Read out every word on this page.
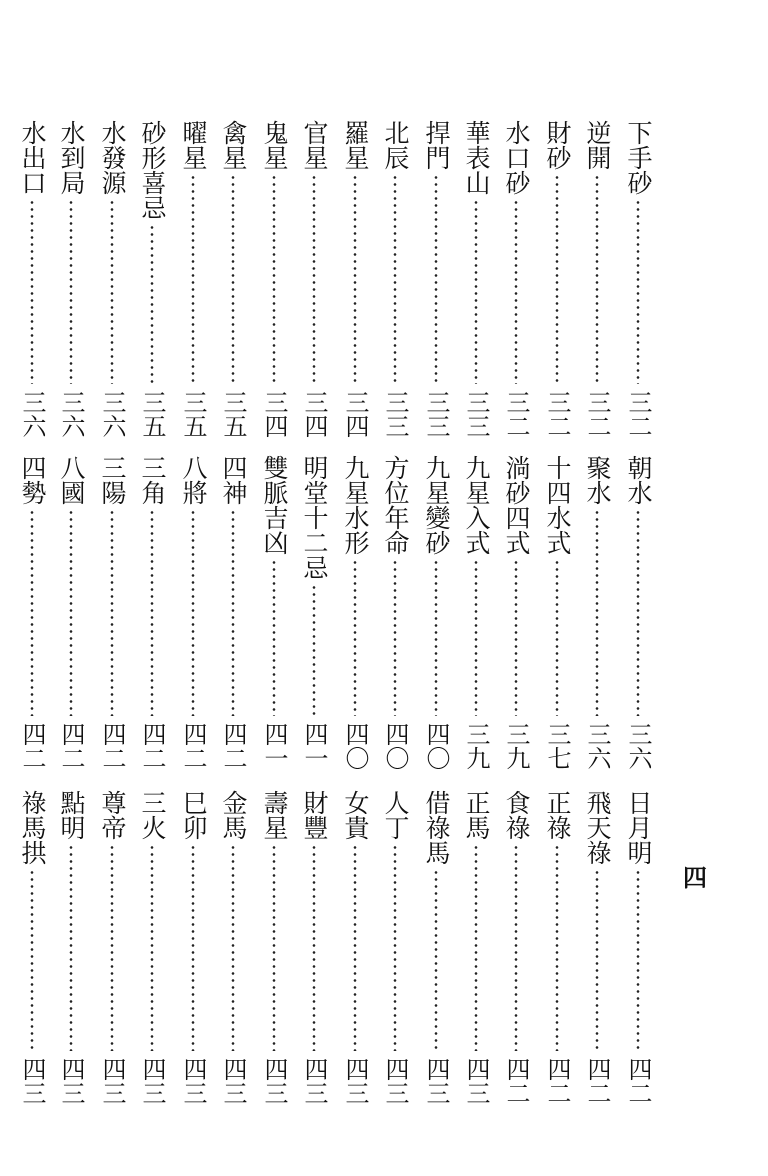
四
下手砂
三二
逆開
三二
財砂
三二
水口砂
三二
華表山
三三
捍門
三三
北辰
三三
羅星
三四
官星
三四
鬼星
三四
禽星
三五
曜星
三五
砂形喜忌
三五
水發源
三六
水到局
三六
水出口
三六
朝水
三六
聚水
三六
十四水式
三七
淌砂四式
三九
九星入式
三九
九星變砂
四〇
方位年命
四〇
九星水形
四〇
明堂十二忌
四一
雙脈吉凶
四一
四神
四二
八將
四二
三角
四二
三陽
四二
八國
四二
四勢
四二
日月明
四二
飛天祿
四二
正祿
四二
食祿
四二
正馬
四三
借祿馬
四三
人丁
四三
女貴
四三
財豐
四三
壽星
四三
金馬
四三
巳卯
四三
三火
四三
尊帝
四三
點明
四三
祿馬拱
四三
